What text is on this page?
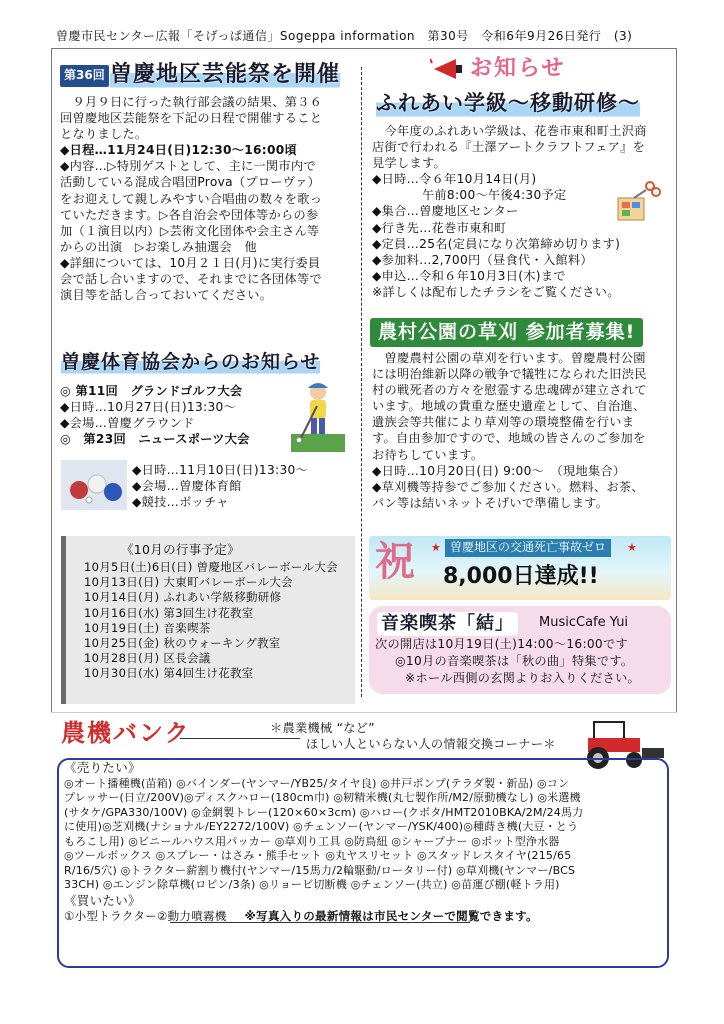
曽慶市民センター広報「そげっぱ通信」Sogeppa information　第30号　令和6年9月26日発行　(3)
第36回 曽慶地区芸能祭を開催
　９月９日に行った執行部会議の結果、第３６
回曽慶地区芸能祭を下記の日程で開催すること
となりました。
◆日程…11月24日(日)12:30～16:00頃
◆内容…▷特別ゲストとして、主に一関市内で
活動している混成合唱団Prova（プローヴァ）
をお迎えして親しみやすい合唱曲の数々を歌っ
ていただきます。▷各自治会や団体等からの参
加（１演目以内）▷芸術文化団体や会主さん等
からの出演　▷お楽しみ抽選会　他
◆詳細については、10月２１日(月)に実行委員
会で話し合いますので、それまでに各団体等で
演目等を話し合っておいてください。
曽慶体育協会からのお知らせ
◎ 第11回　グランドゴルフ大会
◆日時…10月27日(日)13:30～
◆会場…曽慶グラウンド
◎　第23回　ニュースポーツ大会
◆日時…11月10日(日)13:30～
◆会場…曽慶体育館
◆競技…ボッチャ
《10月の行事予定》
10月5日(土)6日(日) 曽慶地区バレーボール大会
10月13日(日) 大東町バレーボール大会
10月14日(月) ふれあい学級移動研修
10月16日(水) 第3回生け花教室
10月19日(土) 音楽喫茶
10月25日(金) 秋のウォーキング教室
10月28日(月) 区長会議
10月30日(水) 第4回生け花教室
お知らせ
ふれあい学級～移動研修～
　今年度のふれあい学級は、花巻市東和町土沢商
店街で行われる『土澤アートクラフトフェア』を
見学します。
◆日時…令６年10月14日(月)
　　　　午前8:00～午後4:30予定
◆集合…曽慶地区センター
◆行き先…花巻市東和町
◆定員…25名(定員になり次第締め切ります)
◆参加料…2,700円（昼食代・入館料）
◆申込…令和６年10月3日(木)まで
※詳しくは配布したチラシをご覧ください。
農村公園の草刈 参加者募集!
　曽慶農村公園の草刈を行います。曽慶農村公園
には明治維新以降の戦争で犠牲になられた旧渋民
村の戦死者の方々を慰霊する忠魂碑が建立されて
います。地域の貴重な歴史遺産として、自治進、
遺族会等共催により草刈等の環境整備を行いま
す。自由参加ですので、地域の皆さんのご参加を
お待ちしています。
◆日時…10月20日(日) 9:00～　（現地集合）
◆草刈機等持参でご参加ください。燃料、お茶、
パン等は結いネットそげいで準備します。
祝 ★ 曽慶地区の交通死亡事故ゼロ	★
8,000日達成!!
音楽喫茶「結」	MusicCafe Yui
次の開店は10月19日(土)14:00～16:00です
◎10月の音楽喫茶は「秋の曲」特集です。
※ホール西側の玄関よりお入りください。
農機バンク	＊農業機械 “など”
ほしい人といらない人の情報交換コーナー＊
《売りたい》
◎オート播種機(苗箱) ◎バインダー(ヤンマー/YB25/タイヤ良) ◎井戸ポンプ(テラダ製・新品) ◎コン
プレッサー(日立/200V)◎ディスクハロー(180cm巾) ◎籾精米機(丸七製作所/M2/原動機なし) ◎米選機
(サタケ/GPA330/100V) ◎金網製トレー(120×60×3cm) ◎ハロー(クボタ/HMT2010BKA/2M/24馬力
に使用)◎芝刈機(ナショナル/EY2272/100V) ◎チェンソー(ヤンマー/YSK/400)◎種蒔き機(大豆・とう
もろこし用) ◎ビニールハウス用パッカー ◎草刈り工具 ◎防鳥紐 ◎シャープナー ◎ポット型浄水器
◎ツールボックス ◎スプレー・はさみ・熊手セット ◎丸ヤスリセット ◎スタッドレスタイヤ(215/65
R/16/5穴) ◎トラクター薪割り機付(ヤンマー/15馬力/2輪駆動/ロータリー付) ◎草刈機(ヤンマー/BCS
33CH) ◎エンジン除草機(ロビン/3条) ◎リョービ切断機 ◎チェンソー(共立) ◎苗運び棚(軽トラ用)
《買いたい》
①小型トラクター②動力噴霧機 ※写真入りの最新情報は市民センターで閲覧できます。
